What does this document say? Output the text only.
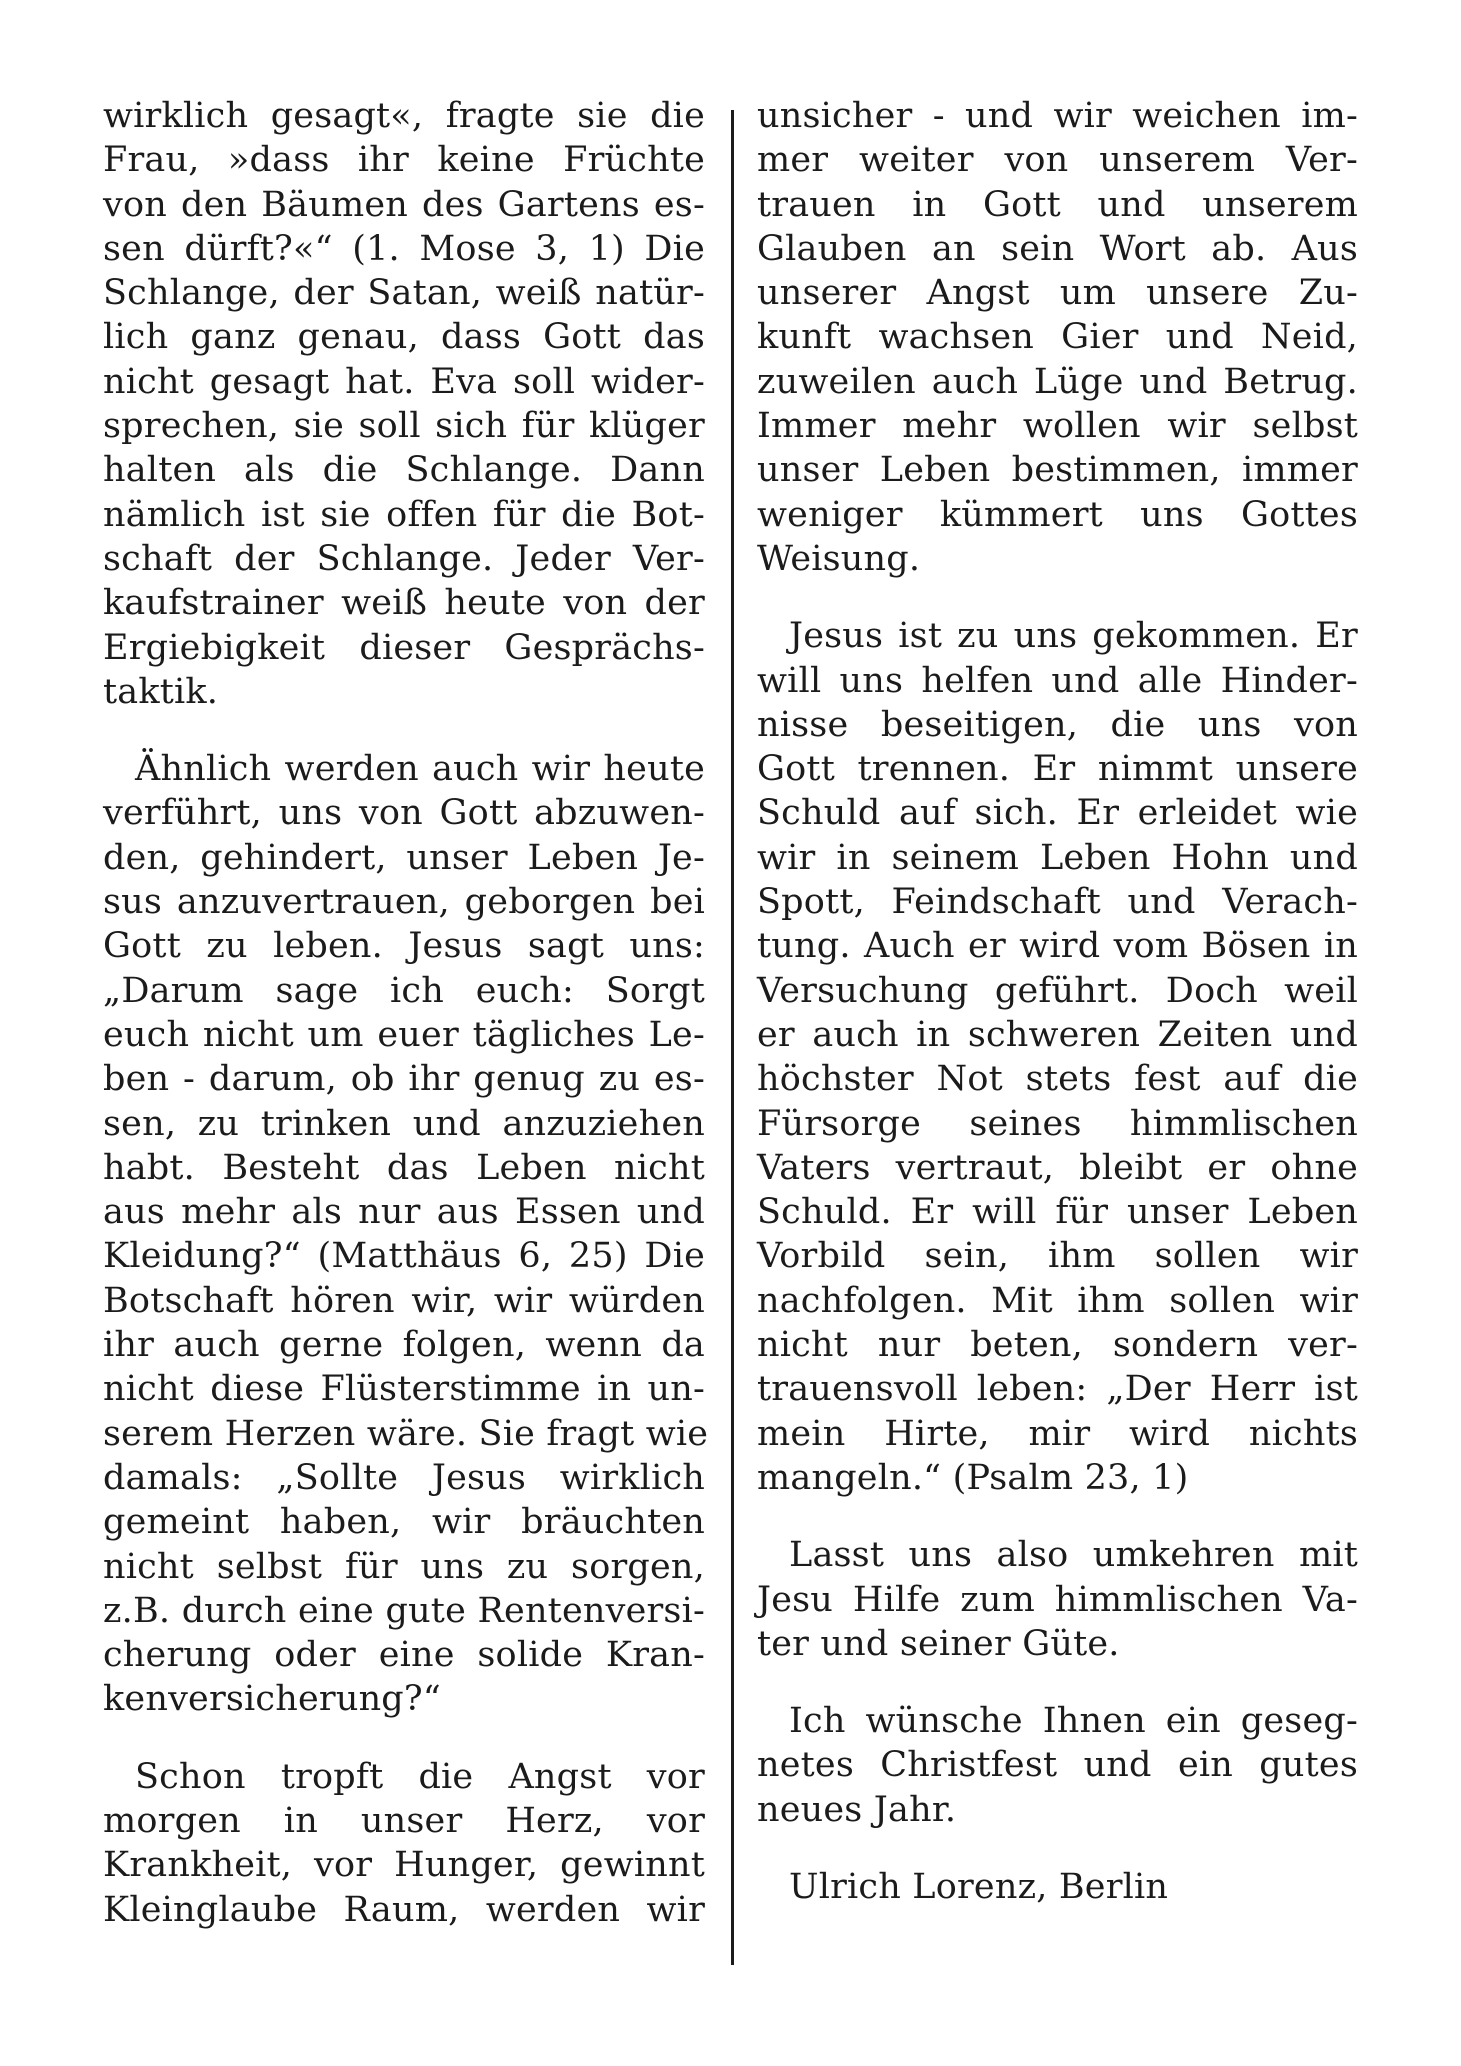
wirklich gesagt«, fragte sie die
Frau, »dass ihr keine Früchte
von den Bäumen des Gartens es-
sen dürft?«“ (1. Mose 3, 1) Die
Schlange, der Satan, weiß natür-
lich ganz genau, dass Gott das
nicht gesagt hat. Eva soll wider-
sprechen, sie soll sich für klüger
halten als die Schlange. Dann
nämlich ist sie offen für die Bot-
schaft der Schlange. Jeder Ver-
kaufstrainer weiß heute von der
Ergiebigkeit dieser Gesprächs-
taktik.
Ähnlich werden auch wir heute
verführt, uns von Gott abzuwen-
den, gehindert, unser Leben Je-
sus anzuvertrauen, geborgen bei
Gott zu leben. Jesus sagt uns:
„Darum sage ich euch: Sorgt
euch nicht um euer tägliches Le-
ben - darum, ob ihr genug zu es-
sen, zu trinken und anzuziehen
habt. Besteht das Leben nicht
aus mehr als nur aus Essen und
Kleidung?“ (Matthäus 6, 25) Die
Botschaft hören wir, wir würden
ihr auch gerne folgen, wenn da
nicht diese Flüsterstimme in un-
serem Herzen wäre. Sie fragt wie
damals: „Sollte Jesus wirklich
gemeint haben, wir bräuchten
nicht selbst für uns zu sorgen,
z.B. durch eine gute Rentenversi-
cherung oder eine solide Kran-
kenversicherung?“
Schon tropft die Angst vor
morgen in unser Herz, vor
Krankheit, vor Hunger, gewinnt
Kleinglaube Raum, werden wir
unsicher - und wir weichen im-
mer weiter von unserem Ver-
trauen in Gott und unserem
Glauben an sein Wort ab. Aus
unserer Angst um unsere Zu-
kunft wachsen Gier und Neid,
zuweilen auch Lüge und Betrug.
Immer mehr wollen wir selbst
unser Leben bestimmen, immer
weniger kümmert uns Gottes
Weisung.
Jesus ist zu uns gekommen. Er
will uns helfen und alle Hinder-
nisse beseitigen, die uns von
Gott trennen. Er nimmt unsere
Schuld auf sich. Er erleidet wie
wir in seinem Leben Hohn und
Spott, Feindschaft und Verach-
tung. Auch er wird vom Bösen in
Versuchung geführt. Doch weil
er auch in schweren Zeiten und
höchster Not stets fest auf die
Fürsorge seines himmlischen
Vaters vertraut, bleibt er ohne
Schuld. Er will für unser Leben
Vorbild sein, ihm sollen wir
nachfolgen. Mit ihm sollen wir
nicht nur beten, sondern ver-
trauensvoll leben: „Der Herr ist
mein Hirte, mir wird nichts
mangeln.“ (Psalm 23, 1)
Lasst uns also umkehren mit
Jesu Hilfe zum himmlischen Va-
ter und seiner Güte.
Ich wünsche Ihnen ein geseg-
netes Christfest und ein gutes
neues Jahr.
Ulrich Lorenz, Berlin
